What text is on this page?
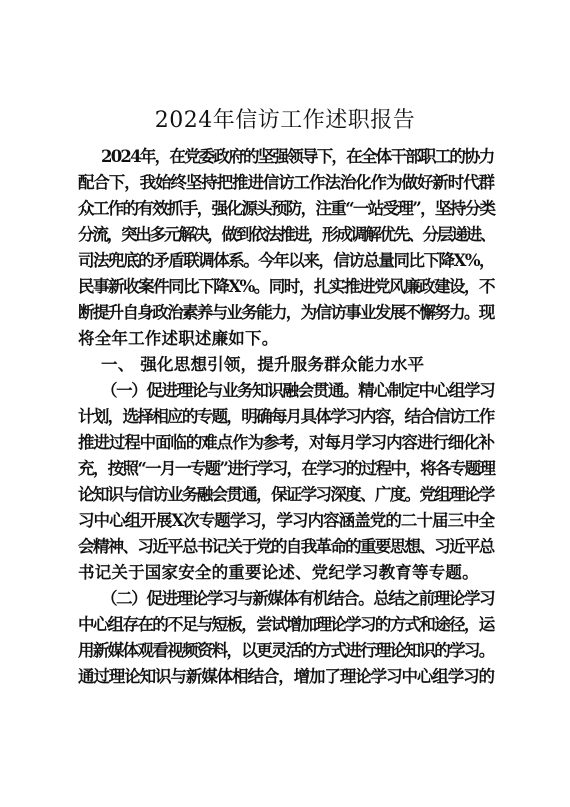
2024年信访工作述职报告
2024年，在党委政府的坚强领导下，在全体干部职工的协力
配合下，我始终坚持把推进信访工作法治化作为做好新时代群
众工作的有效抓手，强化源头预防，注重“一站受理”，坚持分类
分流，突出多元解决，做到依法推进，形成调解优先、分层递进、
司法兜底的矛盾联调体系。今年以来，信访总量同比下降X%，
民事新收案件同比下降X%。同时，扎实推进党风廉政建设，不
断提升自身政治素养与业务能力，为信访事业发展不懈努力。现
将全年工作述职述廉如下。
一、 强化思想引领，提升服务群众能力水平
（一）促进理论与业务知识融会贯通。精心制定中心组学习
计划，选择相应的专题，明确每月具体学习内容，结合信访工作
推进过程中面临的难点作为参考，对每月学习内容进行细化补
充，按照“一月一专题”进行学习，在学习的过程中，将各专题理
论知识与信访业务融会贯通，保证学习深度、广度。党组理论学
习中心组开展X次专题学习，学习内容涵盖党的二十届三中全
会精神、习近平总书记关于党的自我革命的重要思想、习近平总
书记关于国家安全的重要论述、党纪学习教育等专题。
（二）促进理论学习与新媒体有机结合。总结之前理论学习
中心组存在的不足与短板，尝试增加理论学习的方式和途径，运
用新媒体观看视频资料，以更灵活的方式进行理论知识的学习。
通过理论知识与新媒体相结合，增加了理论学习中心组学习的
